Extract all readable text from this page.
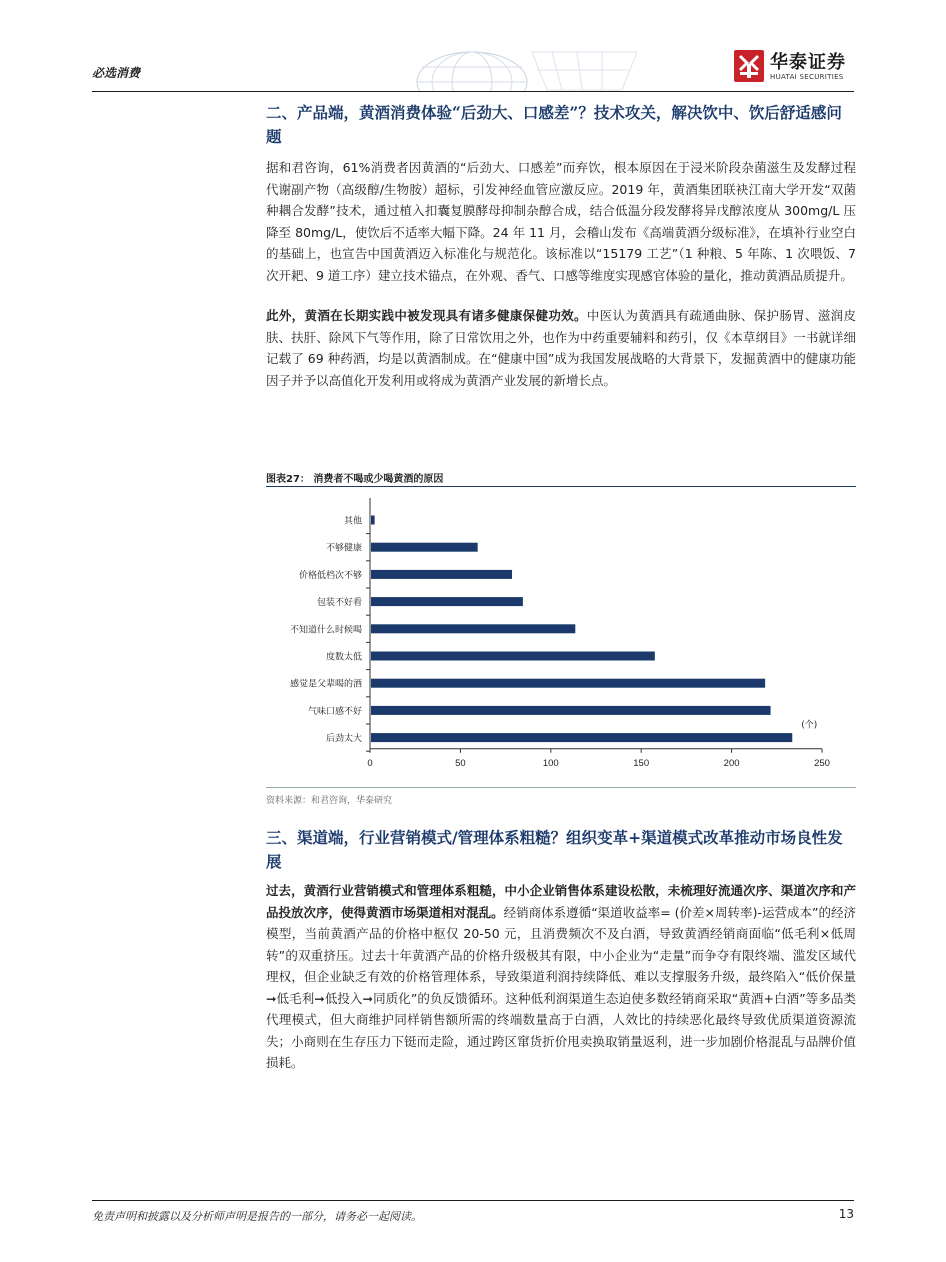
必选消费	华泰证券
HUATAI SECURITIES
二、产品端，黄酒消费体验“后劲大、口感差”？技术攻关，解决饮中、饮后舒适感问题

据和君咨询，61%消费者因黄酒的“后劲大、口感差”而弃饮，根本原因在于浸米阶段杂菌滋生及发酵过程代谢副产物（高级醇/生物胺）超标，引发神经血管应激反应。2019 年，黄酒集团联袂江南大学开发“双菌种耦合发酵”技术，通过植入扣囊复膜酵母抑制杂醇合成，结合低温分段发酵将异戊醇浓度从 300mg/L 压降至 80mg/L，使饮后不适率大幅下降。24 年 11 月，会稽山发布《高端黄酒分级标准》，在填补行业空白的基础上，也宣告中国黄酒迈入标准化与规范化。该标准以“15179 工艺”（1 种粮、5 年陈、1 次喂饭、7 次开耙、9 道工序）建立技术锚点，在外观、香气、口感等维度实现感官体验的量化，推动黄酒品质提升。

此外，黄酒在长期实践中被发现具有诸多健康保健功效。中医认为黄酒具有疏通曲脉、保护肠胃、滋润皮肤、扶肝、除风下气等作用，除了日常饮用之外，也作为中药重要辅料和药引，仅《本草纲目》一书就详细记载了 69 种药酒，均是以黄酒制成。在“健康中国”成为我国发展战略的大背景下，发掘黄酒中的健康功能因子并予以高值化开发利用或将成为黄酒产业发展的新增长点。

图表27： 消费者不喝或少喝黄酒的原因
其他
不够健康
价格低档次不够
包装不好看
不知道什么时候喝
度数太低
感觉是父辈喝的酒
气味口感不好
后劲太大
0	50	100	150	200	250
(个)
资料来源：和君咨询，华泰研究
三、渠道端，行业营销模式/管理体系粗糙？组织变革+渠道模式改革推动市场良性发展

过去，黄酒行业营销模式和管理体系粗糙，中小企业销售体系建设松散，未梳理好流通次序、渠道次序和产品投放次序，使得黄酒市场渠道相对混乱。经销商体系遵循“渠道收益率= (价差×周转率)-运营成本”的经济模型，当前黄酒产品的价格中枢仅 20-50 元，且消费频次不及白酒，导致黄酒经销商面临“低毛利×低周转”的双重挤压。过去十年黄酒产品的价格升级极其有限，中小企业为“走量”而争夺有限终端、滥发区域代理权，但企业缺乏有效的价格管理体系，导致渠道利润持续降低、难以支撑服务升级，最终陷入“低价保量➞低毛利➞低投入➞同质化”的负反馈循环。这种低利润渠道生态迫使多数经销商采取“黄酒+白酒”等多品类代理模式，但大商维护同样销售额所需的终端数量高于白酒，人效比的持续恶化最终导致优质渠道资源流失；小商则在生存压力下铤而走险，通过跨区窜货折价甩卖换取销量返利，进一步加剧价格混乱与品牌价值损耗。

免责声明和披露以及分析师声明是报告的一部分，请务必一起阅读。	13
